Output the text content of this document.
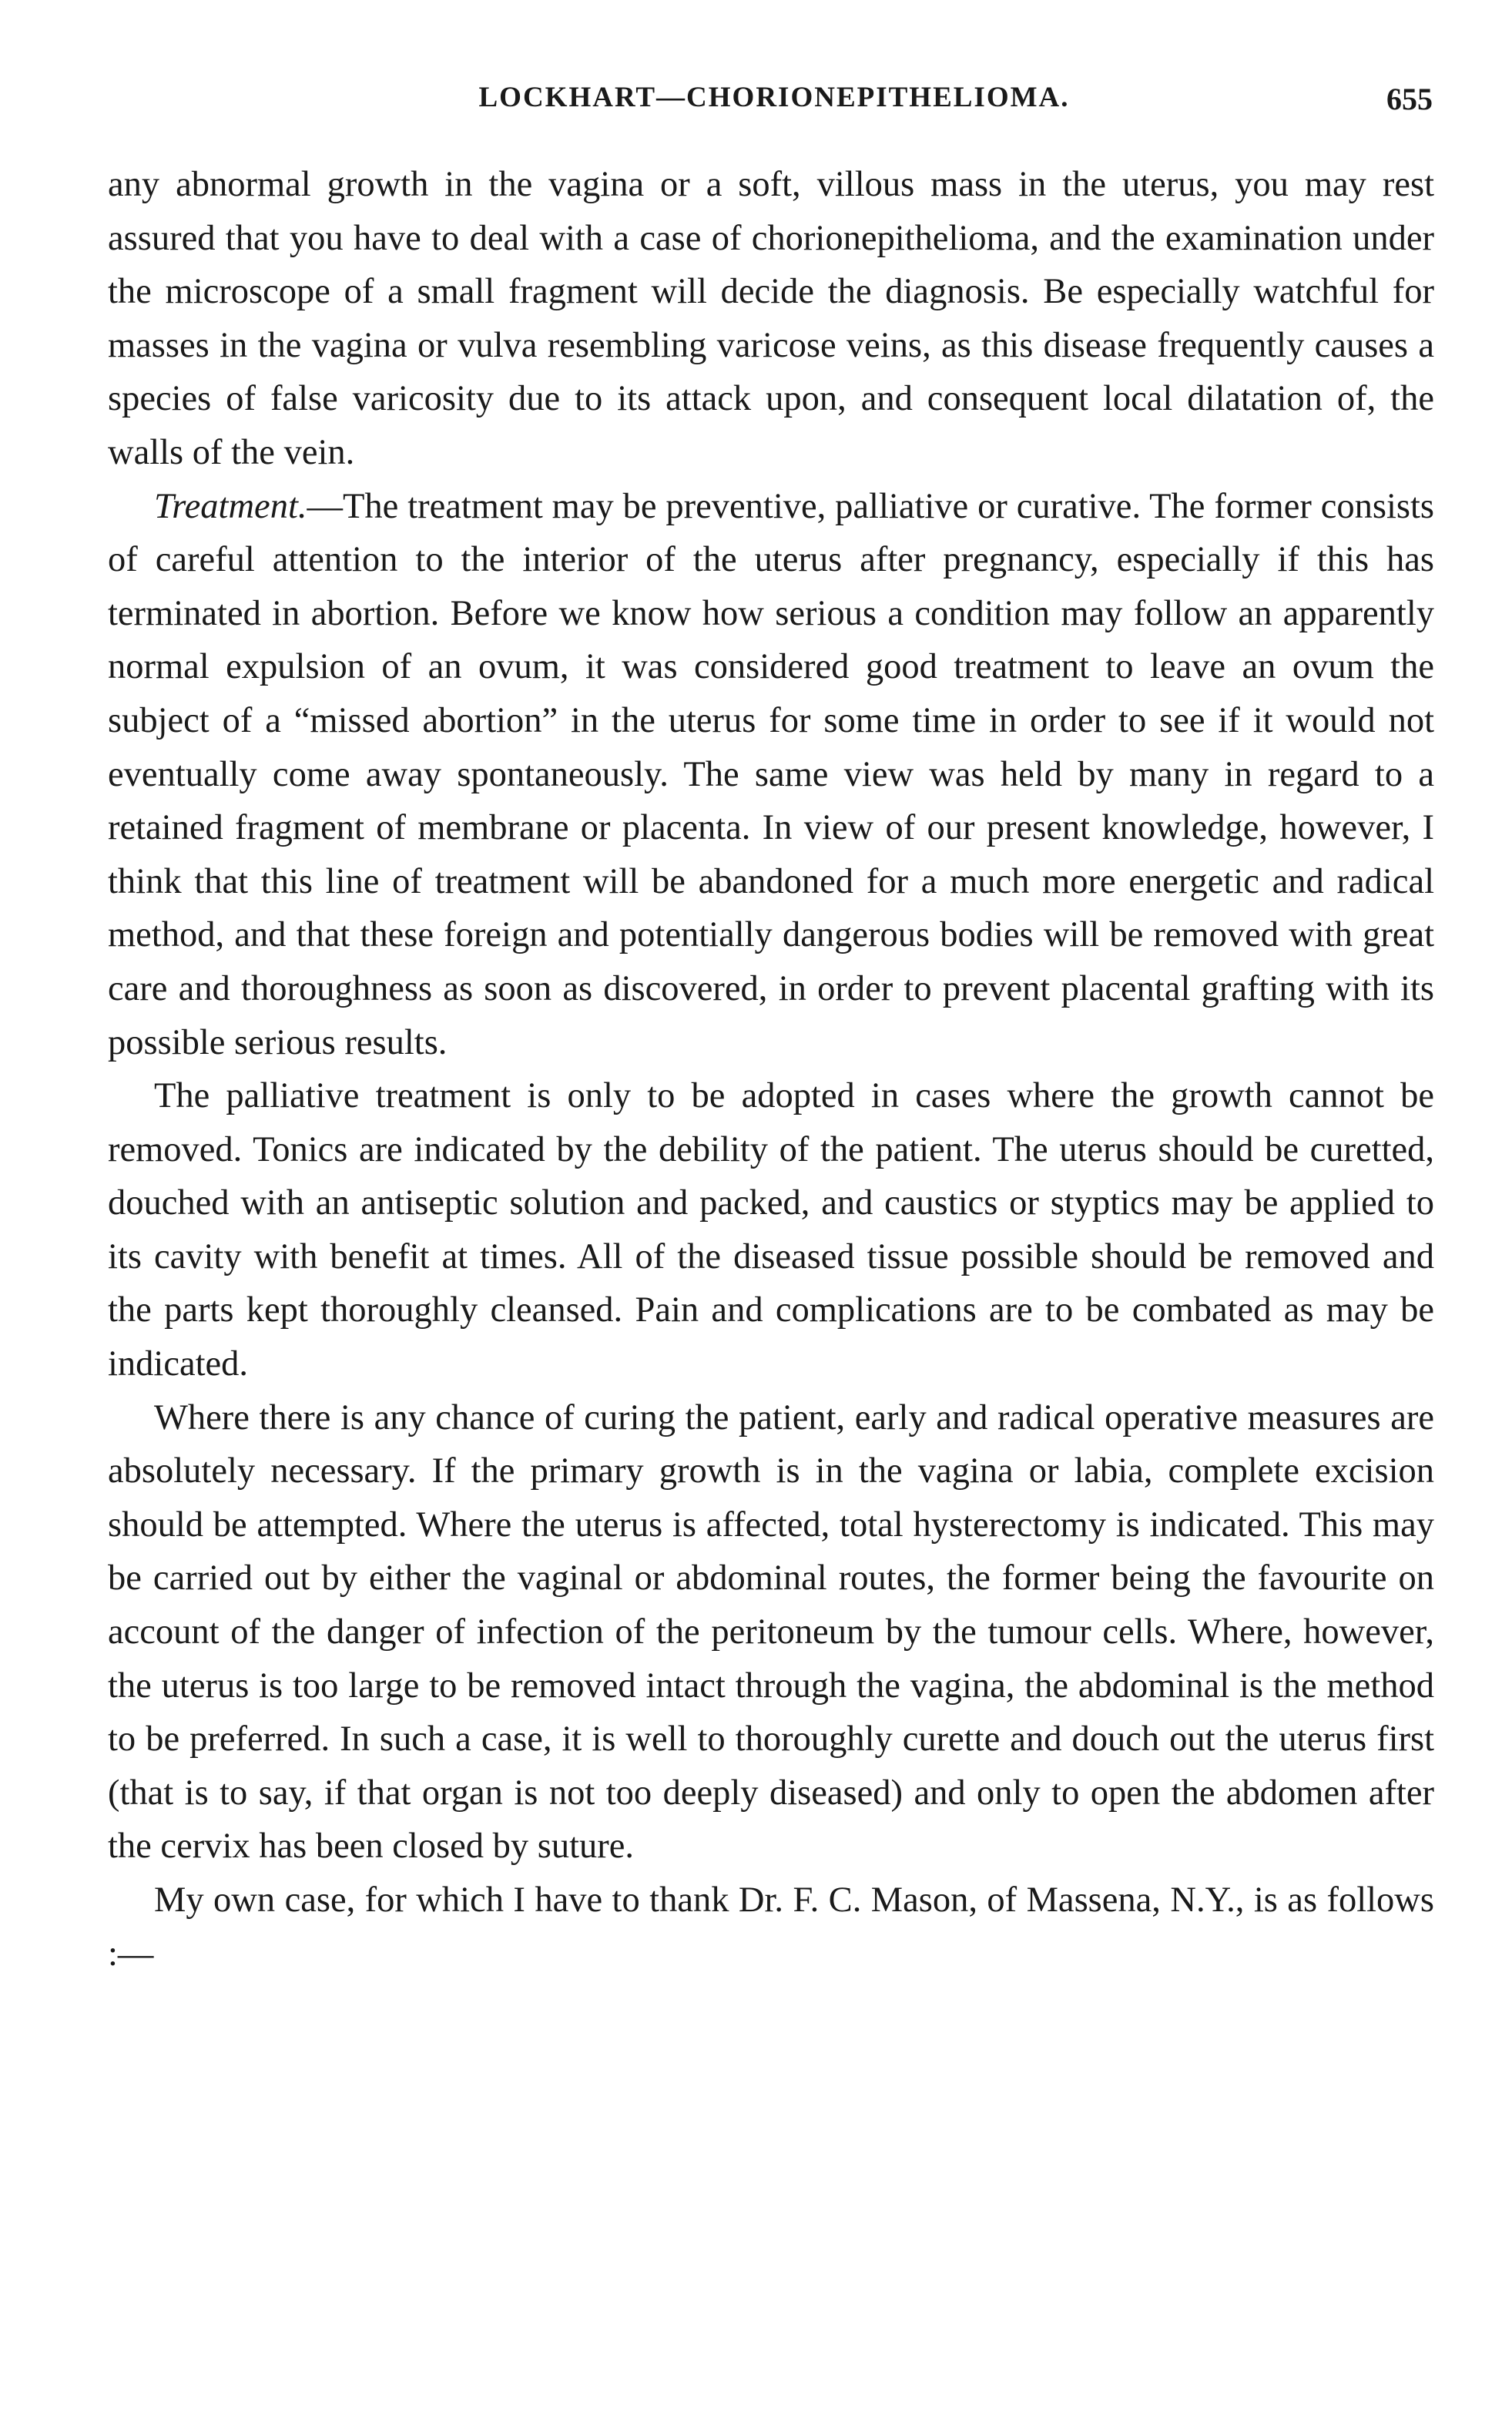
LOCKHART—CHORIONEPITHELIOMA.	655

any abnormal growth in the vagina or a soft, villous mass in the uterus, you may rest assured that you have to deal with a case of chorionepithelioma, and the examination under the microscope of a small fragment will decide the diagnosis. Be especially watchful for masses in the vagina or vulva resembling varicose veins, as this disease frequently causes a species of false varicosity due to its attack upon, and consequent local dilatation of, the walls of the vein.

Treatment.—The treatment may be preventive, palliative or curative. The former consists of careful attention to the interior of the uterus after pregnancy, especially if this has terminated in abortion. Before we know how serious a condition may follow an apparently normal expulsion of an ovum, it was considered good treatment to leave an ovum the subject of a “missed abortion” in the uterus for some time in order to see if it would not eventually come away spontaneously. The same view was held by many in regard to a retained fragment of membrane or placenta. In view of our present knowledge, however, I think that this line of treatment will be abandoned for a much more energetic and radical method, and that these foreign and potentially dangerous bodies will be removed with great care and thoroughness as soon as discovered, in order to prevent placental grafting with its possible serious results.

The palliative treatment is only to be adopted in cases where the growth cannot be removed. Tonics are indicated by the debility of the patient. The uterus should be curetted, douched with an antiseptic solution and packed, and caustics or styptics may be applied to its cavity with benefit at times. All of the diseased tissue possible should be removed and the parts kept thoroughly cleansed. Pain and complications are to be combated as may be indicated.

Where there is any chance of curing the patient, early and radical operative measures are absolutely necessary. If the primary growth is in the vagina or labia, complete excision should be attempted. Where the uterus is affected, total hysterectomy is indicated. This may be carried out by either the vaginal or abdominal routes, the former being the favourite on account of the danger of infection of the peritoneum by the tumour cells. Where, however, the uterus is too large to be removed intact through the vagina, the abdominal is the method to be preferred. In such a case, it is well to thoroughly curette and douch out the uterus first (that is to say, if that organ is not too deeply diseased) and only to open the abdomen after the cervix has been closed by suture.

My own case, for which I have to thank Dr. F. C. Mason, of Massena, N.Y., is as follows :—
